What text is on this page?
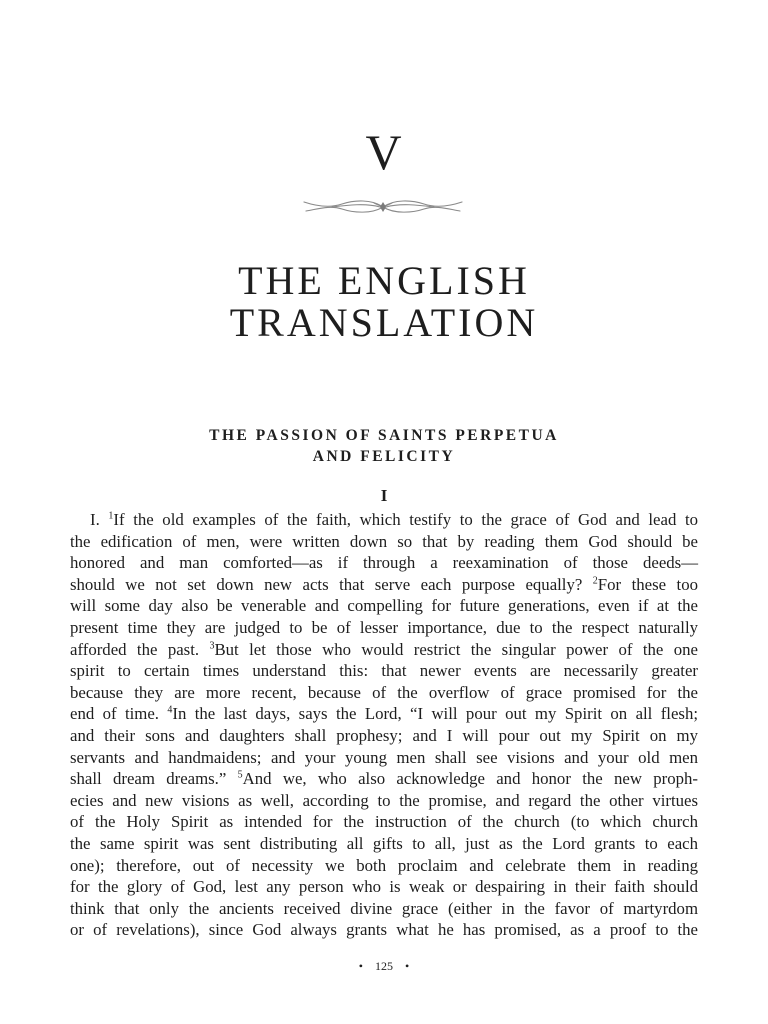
V
THE ENGLISH
TRANSLATION
THE PASSION OF SAINTS PERPETUA
AND FELICITY
I
I. $^1$If the old examples of the faith, which testify to the grace of God and lead to
the edification of men, were written down so that by reading them God should be
honored and man comforted—as if through a reexamination of those deeds—
should we not set down new acts that serve each purpose equally? $^2$For these too
will some day also be venerable and compelling for future generations, even if at the
present time they are judged to be of lesser importance, due to the respect naturally
afforded the past. $^3$But let those who would restrict the singular power of the one
spirit to certain times understand this: that newer events are necessarily greater
because they are more recent, because of the overflow of grace promised for the
end of time. $^4$In the last days, says the Lord, “I will pour out my Spirit on all flesh;
and their sons and daughters shall prophesy; and I will pour out my Spirit on my
servants and handmaidens; and your young men shall see visions and your old men
shall dream dreams.” $^5$And we, who also acknowledge and honor the new proph-
ecies and new visions as well, according to the promise, and regard the other virtues
of the Holy Spirit as intended for the instruction of the church (to which church
the same spirit was sent distributing all gifts to all, just as the Lord grants to each
one); therefore, out of necessity we both proclaim and celebrate them in reading
for the glory of God, lest any person who is weak or despairing in their faith should
think that only the ancients received divine grace (either in the favor of martyrdom
or of revelations), since God always grants what he has promised, as a proof to the
• 125 •
